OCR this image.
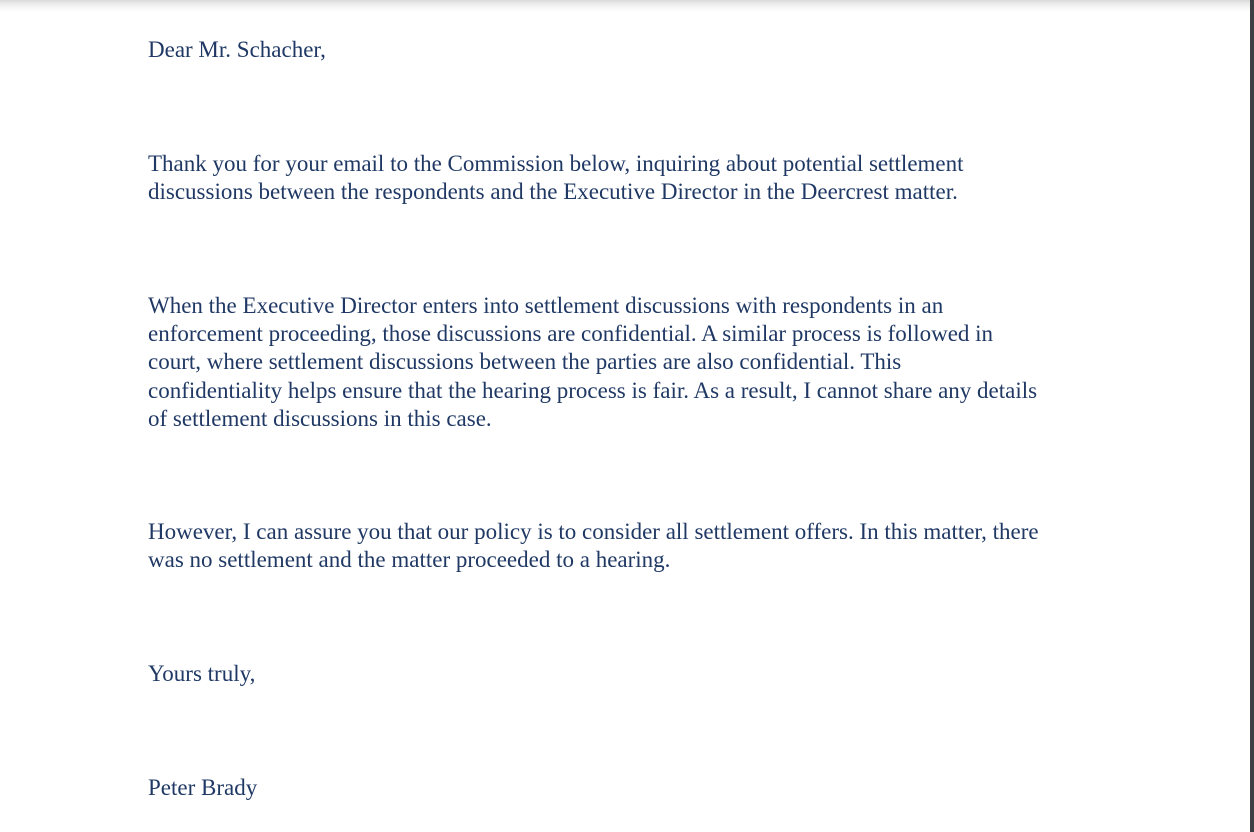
Dear Mr. Schacher,

Thank you for your email to the Commission below, inquiring about potential settlement
discussions between the respondents and the Executive Director in the Deercrest matter.

When the Executive Director enters into settlement discussions with respondents in an
enforcement proceeding, those discussions are confidential. A similar process is followed in
court, where settlement discussions between the parties are also confidential. This
confidentiality helps ensure that the hearing process is fair. As a result, I cannot share any details
of settlement discussions in this case.

However, I can assure you that our policy is to consider all settlement offers. In this matter, there
was no settlement and the matter proceeded to a hearing.

Yours truly,

Peter Brady
